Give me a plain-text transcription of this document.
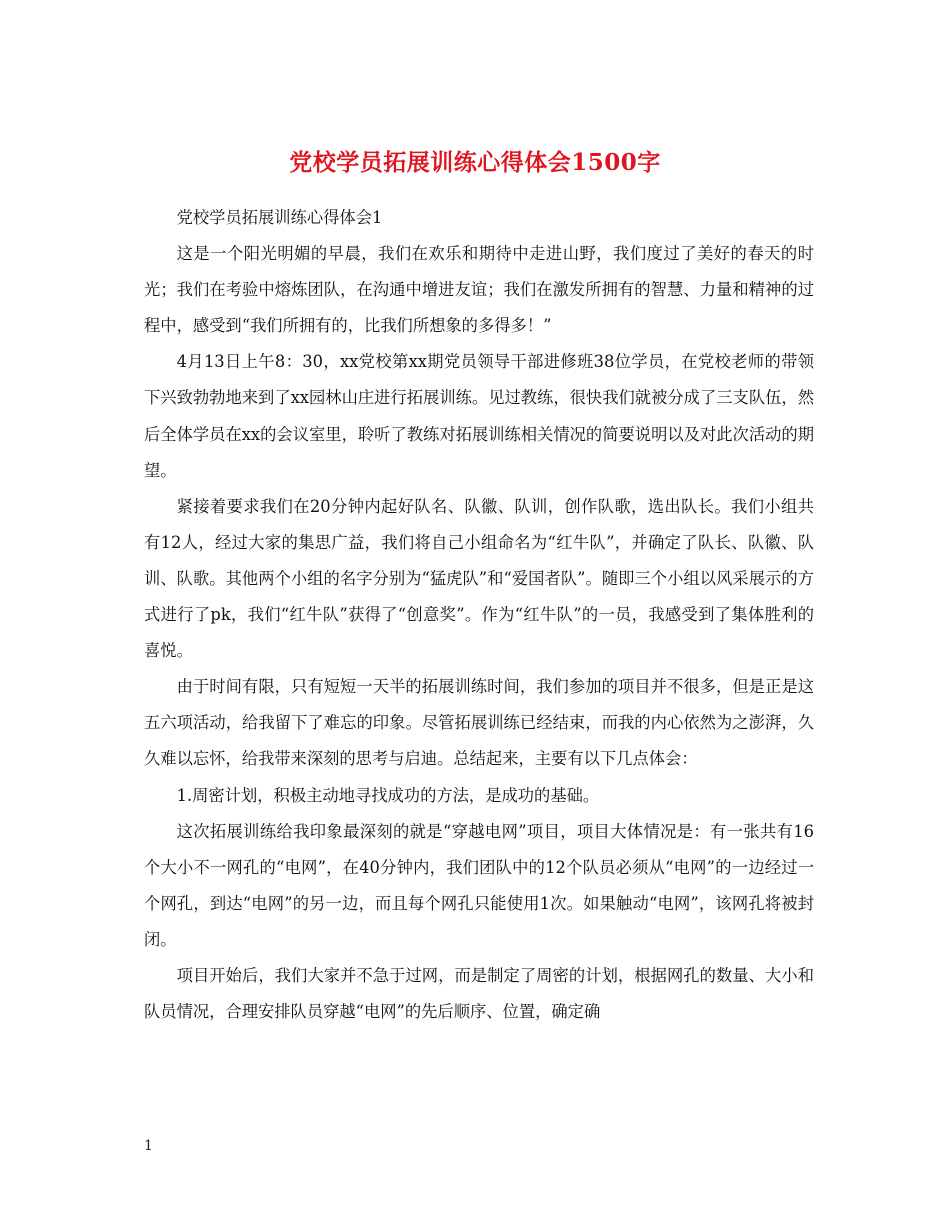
党校学员拓展训练心得体会1500字

党校学员拓展训练心得体会1

这是一个阳光明媚的早晨，我们在欢乐和期待中走进山野，我们度过了美好的春天的时光；我们在考验中熔炼团队，在沟通中增进友谊；我们在激发所拥有的智慧、力量和精神的过程中，感受到“我们所拥有的，比我们所想象的多得多！”

4月13日上午8：30，xx党校第xx期党员领导干部进修班38位学员，在党校老师的带领下兴致勃勃地来到了xx园林山庄进行拓展训练。见过教练，很快我们就被分成了三支队伍，然后全体学员在xx的会议室里，聆听了教练对拓展训练相关情况的简要说明以及对此次活动的期望。

紧接着要求我们在20分钟内起好队名、队徽、队训，创作队歌，选出队长。我们小组共有12人，经过大家的集思广益，我们将自己小组命名为“红牛队”，并确定了队长、队徽、队训、队歌。其他两个小组的名字分别为“猛虎队”和“爱国者队”。随即三个小组以风采展示的方式进行了pk，我们“红牛队”获得了“创意奖”。作为“红牛队”的一员，我感受到了集体胜利的喜悦。

由于时间有限，只有短短一天半的拓展训练时间，我们参加的项目并不很多，但是正是这五六项活动，给我留下了难忘的印象。尽管拓展训练已经结束，而我的内心依然为之澎湃，久久难以忘怀，给我带来深刻的思考与启迪。总结起来，主要有以下几点体会：

1.周密计划，积极主动地寻找成功的方法，是成功的基础。

这次拓展训练给我印象最深刻的就是“穿越电网”项目，项目大体情况是：有一张共有16个大小不一网孔的“电网”，在40分钟内，我们团队中的12个队员必须从“电网”的一边经过一个网孔，到达“电网”的另一边，而且每个网孔只能使用1次。如果触动“电网”，该网孔将被封闭。

项目开始后，我们大家并不急于过网，而是制定了周密的计划，根据网孔的数量、大小和队员情况，合理安排队员穿越“电网”的先后顺序、位置，确定确

1
